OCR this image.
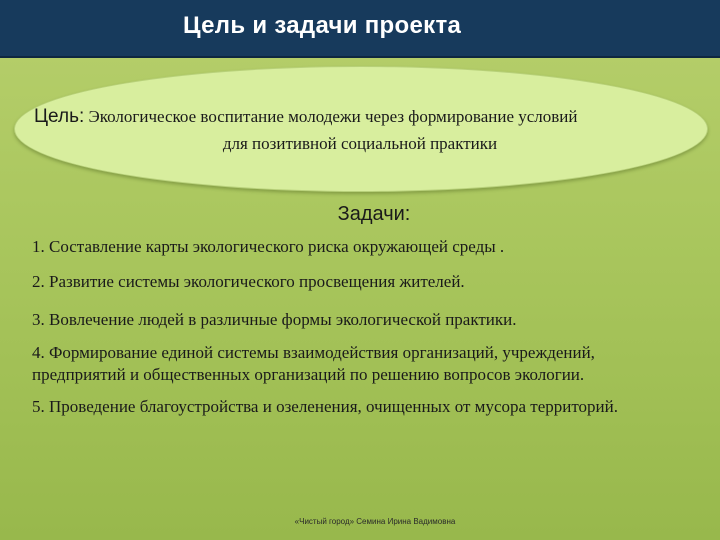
Цель и задачи проекта
Цель: Экологическое воспитание молодежи через формирование условий
для позитивной социальной практики
Задачи:
1. Составление карты экологического риска окружающей среды .
2. Развитие системы экологического просвещения жителей.
3. Вовлечение людей в различные формы экологической практики.
4. Формирование единой системы взаимодействия организаций, учреждений, предприятий и общественных организаций по решению вопросов экологии.
5. Проведение благоустройства и озеленения, очищенных от мусора территорий.
«Чистый город» Семина Ирина Вадимовна
